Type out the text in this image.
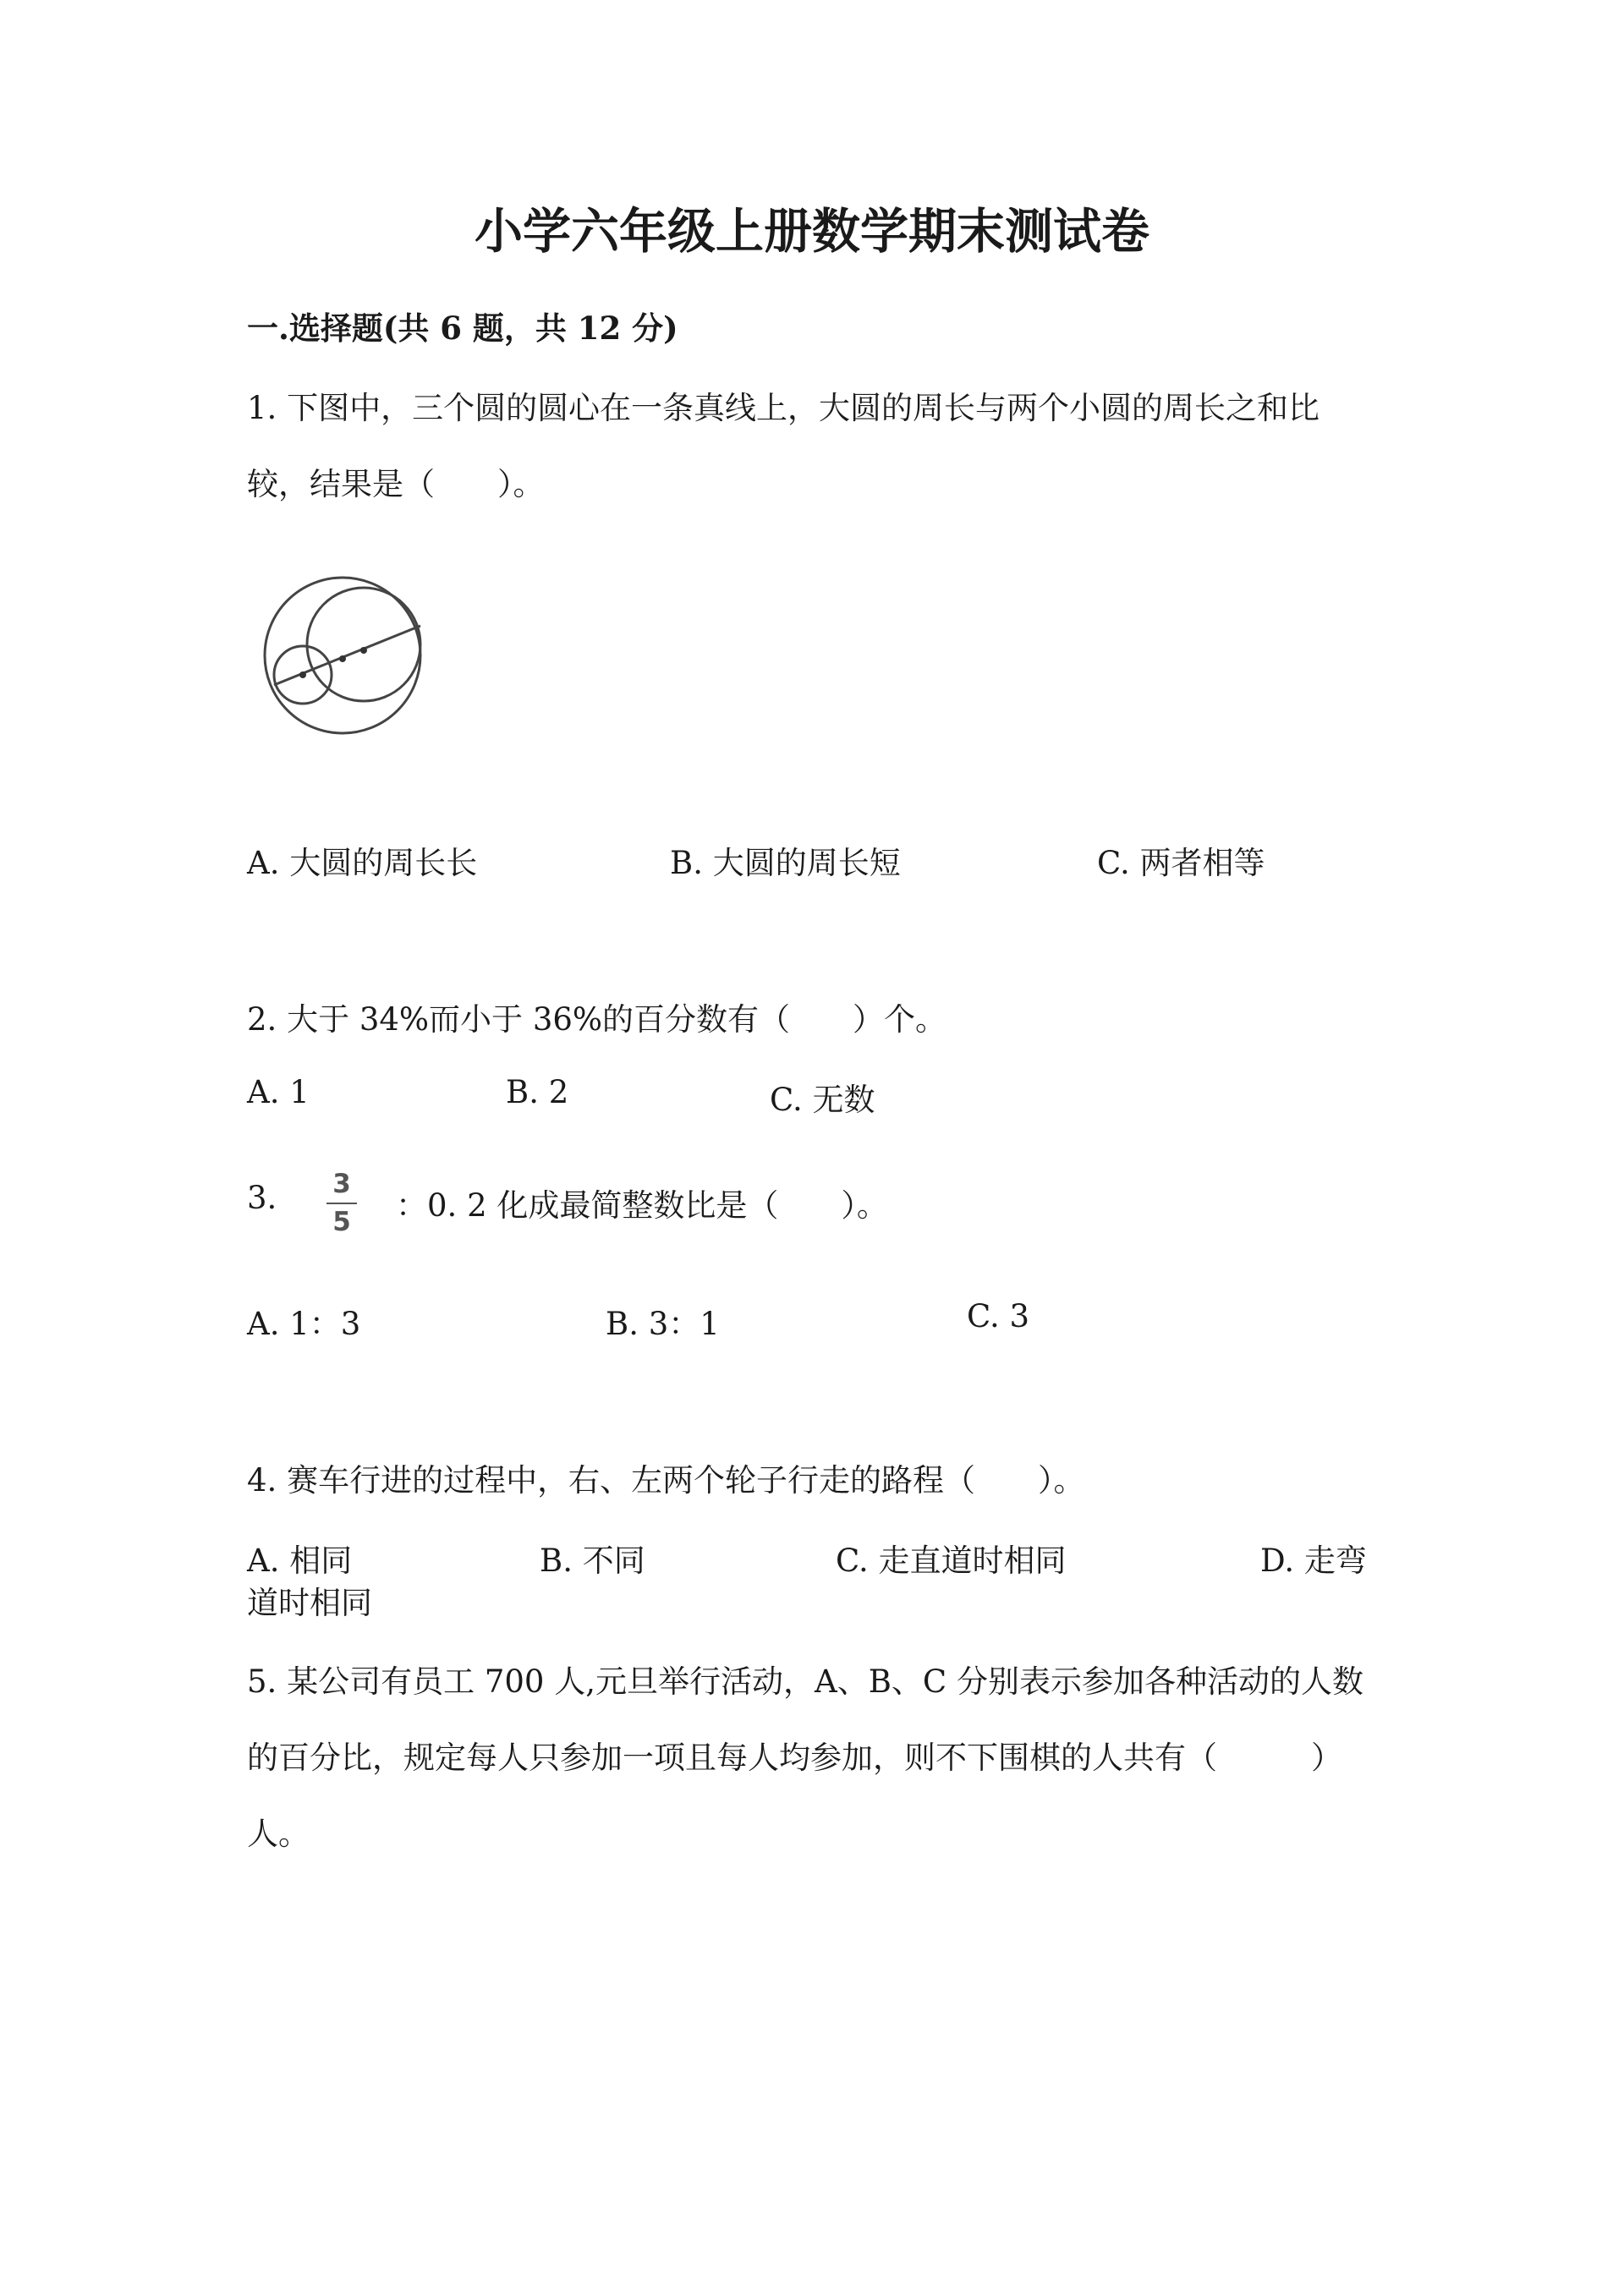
小学六年级上册数学期末测试卷
一.选择题(共 6 题，共 12 分)
1. 下图中，三个圆的圆心在一条真线上，大圆的周长与两个小圆的周长之和比
较，结果是（　　）。
A. 大圆的周长长	B. 大圆的周长短	C. 两者相等
2. 大于 34%而小于 36%的百分数有（　　）个。
A. 1	B. 2	C. 无数
3. 3
5 ：0. 2 化成最简整数比是（　　）。
A. 1：3	B. 3：1	C. 3
4. 赛车行进的过程中，右、左两个轮子行走的路程（　　）。
A. 相同	B. 不同	C. 走直道时相同	D. 走弯
道时相同
5. 某公司有员工 700 人,元旦举行活动，A、B、C 分别表示参加各种活动的人数
的百分比，规定每人只参加一项且每人均参加，则不下围棋的人共有（　　　）
人。
